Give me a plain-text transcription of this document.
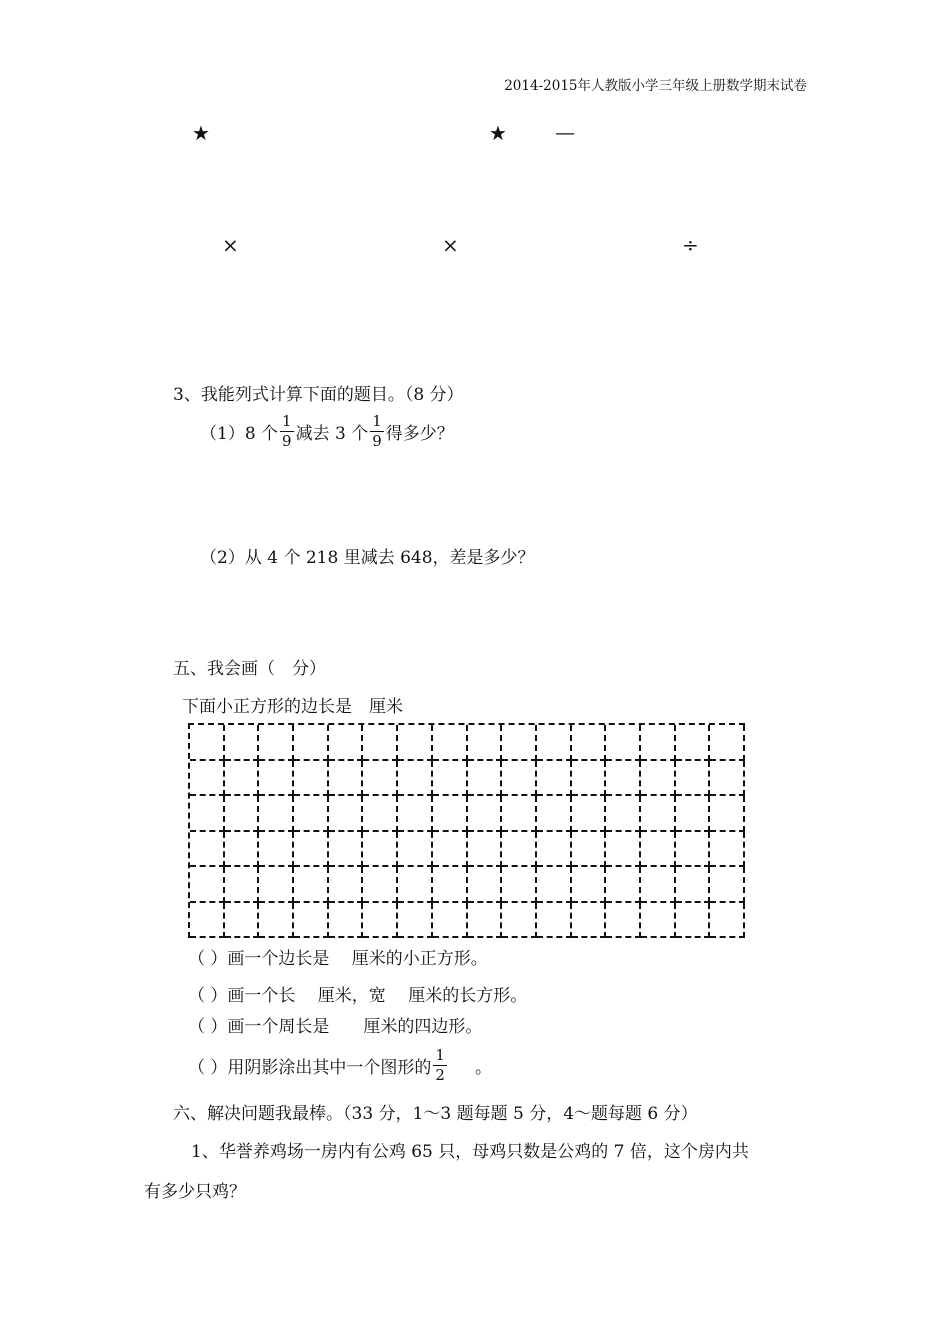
2014-2015年人教版小学三年级上册数学期末试卷
★	★ —
×	×	÷
3、我能列式计算下面的题目。（8 分）
（1）8 个 $\frac{1}{9}$ 减去 3 个 $\frac{1}{9}$ 得多少？
（2）从 4 个 218 里减去 648，差是多少？
五、我会画（　分）
下面小正方形的边长是　厘米
（ ）画一个边长是　 厘米的小正方形。
（ ）画一个长　 厘米，宽　 厘米的长方形。
（ ）画一个周长是　　厘米的四边形。
（ ）用阴影涂出其中一个图形的 $\frac{1}{2}$ 。
六、解决问题我最棒。（33 分，1～3 题每题 5 分，4～题每题 6 分）
1、华誉养鸡场一房内有公鸡 65 只，母鸡只数是公鸡的 7 倍，这个房内共
有多少只鸡？
